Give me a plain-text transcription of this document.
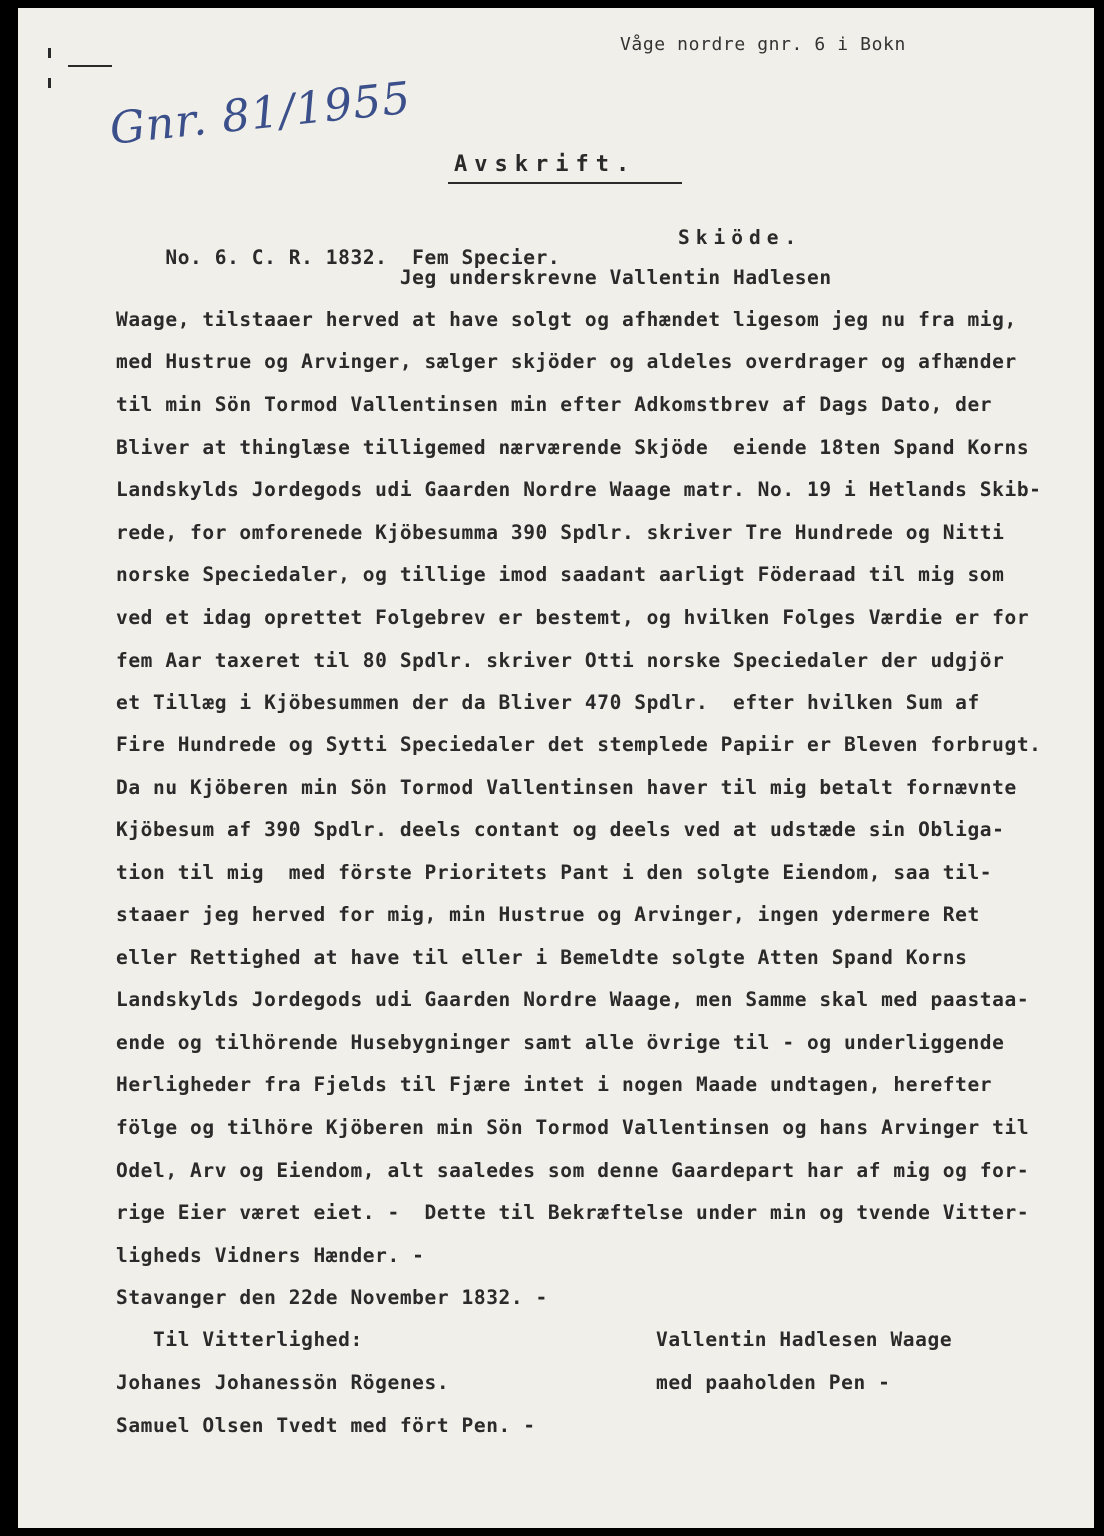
Våge nordre gnr. 6 i Bokn
Gnr. 81/1955
Avskrift.

No. 6. C. R. 1832.  Fem Specier.

Skiöde.

Jeg underskrevne Vallentin Hadlesen
Waage, tilstaaer herved at have solgt og afhændet ligesom jeg nu fra mig,
med Hustrue og Arvinger, sælger skjöder og aldeles overdrager og afhænder
til min Sön Tormod Vallentinsen min efter Adkomstbrev af Dags Dato, der
Bliver at thinglæse tilligemed nærværende Skjöde  eiende 18ten Spand Korns
Landskylds Jordegods udi Gaarden Nordre Waage matr. No. 19 i Hetlands Skib-
rede, for omforenede Kjöbesumma 390 Spdlr. skriver Tre Hundrede og Nitti
norske Speciedaler, og tillige imod saadant aarligt Föderaad til mig som
ved et idag oprettet Folgebrev er bestemt, og hvilken Folges Værdie er for
fem Aar taxeret til 80 Spdlr. skriver Otti norske Speciedaler der udgjör
et Tillæg i Kjöbesummen der da Bliver 470 Spdlr.  efter hvilken Sum af
Fire Hundrede og Sytti Speciedaler det stemplede Papiir er Bleven forbrugt.
Da nu Kjöberen min Sön Tormod Vallentinsen haver til mig betalt fornævnte
Kjöbesum af 390 Spdlr. deels contant og deels ved at udstæde sin Obliga-
tion til mig  med förste Prioritets Pant i den solgte Eiendom, saa til-
staaer jeg herved for mig, min Hustrue og Arvinger, ingen ydermere Ret
eller Rettighed at have til eller i Bemeldte solgte Atten Spand Korns
Landskylds Jordegods udi Gaarden Nordre Waage, men Samme skal med paastaa-
ende og tilhörende Husebygninger samt alle övrige til - og underliggende
Herligheder fra Fjelds til Fjære intet i nogen Maade undtagen, herefter
fölge og tilhöre Kjöberen min Sön Tormod Vallentinsen og hans Arvinger til
Odel, Arv og Eiendom, alt saaledes som denne Gaardepart har af mig og for-
rige Eier været eiet. -  Dette til Bekræftelse under min og tvende Vitter-
ligheds Vidners Hænder. -
Stavanger den 22de November 1832. -
Til Vitterlighed:
Johanes Johanessön Rögenes.
Samuel Olsen Tvedt med fört Pen. -
Vallentin Hadlesen Waage
med paaholden Pen -
